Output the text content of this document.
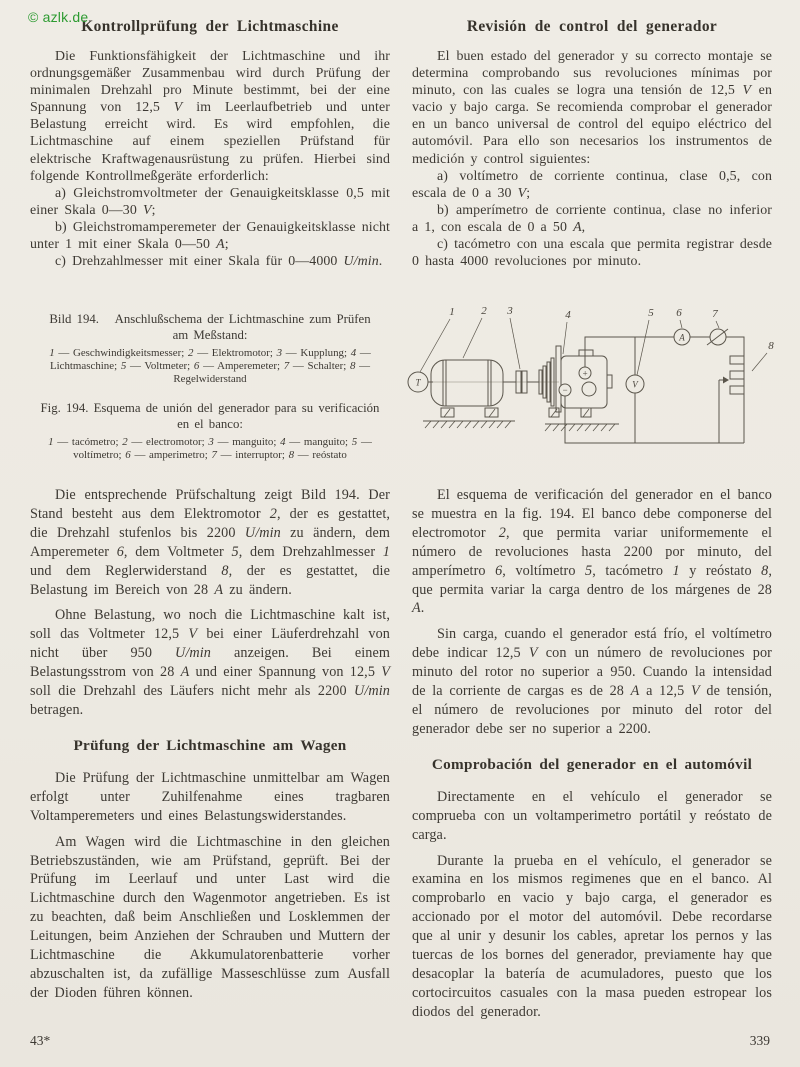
© azlk.de
Kontrollprüfung der Lichtmaschine

Die Funktionsfähigkeit der Lichtmaschine und ihr ordnungsgemäßer Zusammenbau wird durch Prüfung der minimalen Drehzahl pro Minute bestimmt, bei der eine Spannung von 12,5 V im Leerlaufbetrieb und unter Belastung erreicht wird. Es wird empfohlen, die Lichtmaschine auf einem speziellen Prüfstand für elektrische Kraftwagenausrüstung zu prüfen. Hierbei sind folgende Kontrollmeßgeräte erforderlich:

a) Gleichstromvoltmeter der Genauigkeitsklasse 0,5 mit einer Skala 0—30 V;

b) Gleichstromamperemeter der Genauigkeitsklasse nicht unter 1 mit einer Skala 0—50 A;

c) Drehzahlmesser mit einer Skala für 0—4000 U/min.

Revisión de control del generador

El buen estado del generador y su correcto montaje se determina comprobando sus revoluciones mínimas por minuto, con las cuales se logra una tensión de 12,5 V en vacio y bajo carga. Se recomienda comprobar el generador en un banco universal de control del equipo eléctrico del automóvil. Para ello son necesarios los instrumentos de medición y control siguientes:

a) voltímetro de corriente continua, clase 0,5, con escala de 0 a 30 V;

b) amperímetro de corriente continua, clase no inferior a 1, con escala de 0 a 50 A,

c) tacómetro con una escala que permita registrar desde 0 hasta 4000 revoluciones por minuto.

Bild 194.   Anschlußschema der Lichtmaschine zum Prüfen am Meßstand:

1 — Geschwindigkeitsmesser; 2 — Elektromotor; 3 — Kupplung; 4 — Lichtmaschine; 5 — Voltmeter; 6 — Amperemeter; 7 — Schalter; 8 — Regelwiderstand

Fig. 194. Esquema de unión del generador para su verificación en el banco:

1 — tacómetro; 2 — electromotor; 3 — manguito; 4 — manguito; 5 — voltímetro; 6 — amperimetro; 7 — interruptor; 8 — reóstato

T
+
−
V
A
1 2 3	4	5 6	7
8

Die entsprechende Prüfschaltung zeigt Bild 194. Der Stand besteht aus dem Elektromotor 2, der es gestattet, die Drehzahl stufenlos bis 2200 U/min zu ändern, dem Amperemeter 6, dem Voltmeter 5, dem Drehzahlmesser 1 und dem Reglerwiderstand 8, der es gestattet, die Belastung im Bereich von 28 A zu ändern.

Ohne Belastung, wo noch die Lichtmaschine kalt ist, soll das Voltmeter 12,5 V bei einer Läuferdrehzahl von nicht über 950 U/min anzeigen. Bei einem Belastungsstrom von 28 A und einer Spannung von 12,5 V soll die Drehzahl des Läufers nicht mehr als 2200 U/min betragen.

Prüfung der Lichtmaschine am Wagen

Die Prüfung der Lichtmaschine unmittelbar am Wagen erfolgt unter Zuhilfenahme eines tragbaren Voltamperemeters und eines Belastungswiderstandes.

Am Wagen wird die Lichtmaschine in den gleichen Betriebszuständen, wie am Prüfstand, geprüft. Bei der Prüfung im Leerlauf und unter Last wird die Lichtmaschine durch den Wagenmotor angetrieben. Es ist zu beachten, daß beim Anschließen und Losklemmen der Leitungen, beim Anziehen der Schrauben und Muttern der Lichtmaschine die Akkumulatorenbatterie vorher abzuschalten ist, da zufällige Masseschlüsse zum Ausfall der Dioden führen können.

El esquema de verificación del generador en el banco se muestra en la fig. 194. El banco debe componerse del electromotor 2, que permita variar uniformemente el número de revoluciones hasta 2200 por minuto, del amperímetro 6, voltímetro 5, tacómetro 1 y reóstato 8, que permita variar la carga dentro de los márgenes de 28 A.

Sin carga, cuando el generador está frío, el voltímetro debe indicar 12,5 V con un número de revoluciones por minuto del rotor no superior a 950. Cuando la intensidad de la corriente de cargas es de 28 A a 12,5 V de tensión, el número de revoluciones por minuto del rotor del generador debe ser no superior a 2200.

Comprobación del generador en el automóvil

Directamente en el vehículo el generador se comprueba con un voltamperimetro portátil y reóstato de carga.

Durante la prueba en el vehículo, el generador se examina en los mismos regimenes que en el banco. Al comprobarlo en vacio y bajo carga, el generador es accionado por el motor del automóvil. Debe recordarse que al unir y desunir los cables, apretar los pernos y las tuercas de los bornes del generador, previamente hay que desacoplar la batería de acumuladores, puesto que los cortocircuitos casuales con la masa pueden estropear los diodos del generador.

43*	339
